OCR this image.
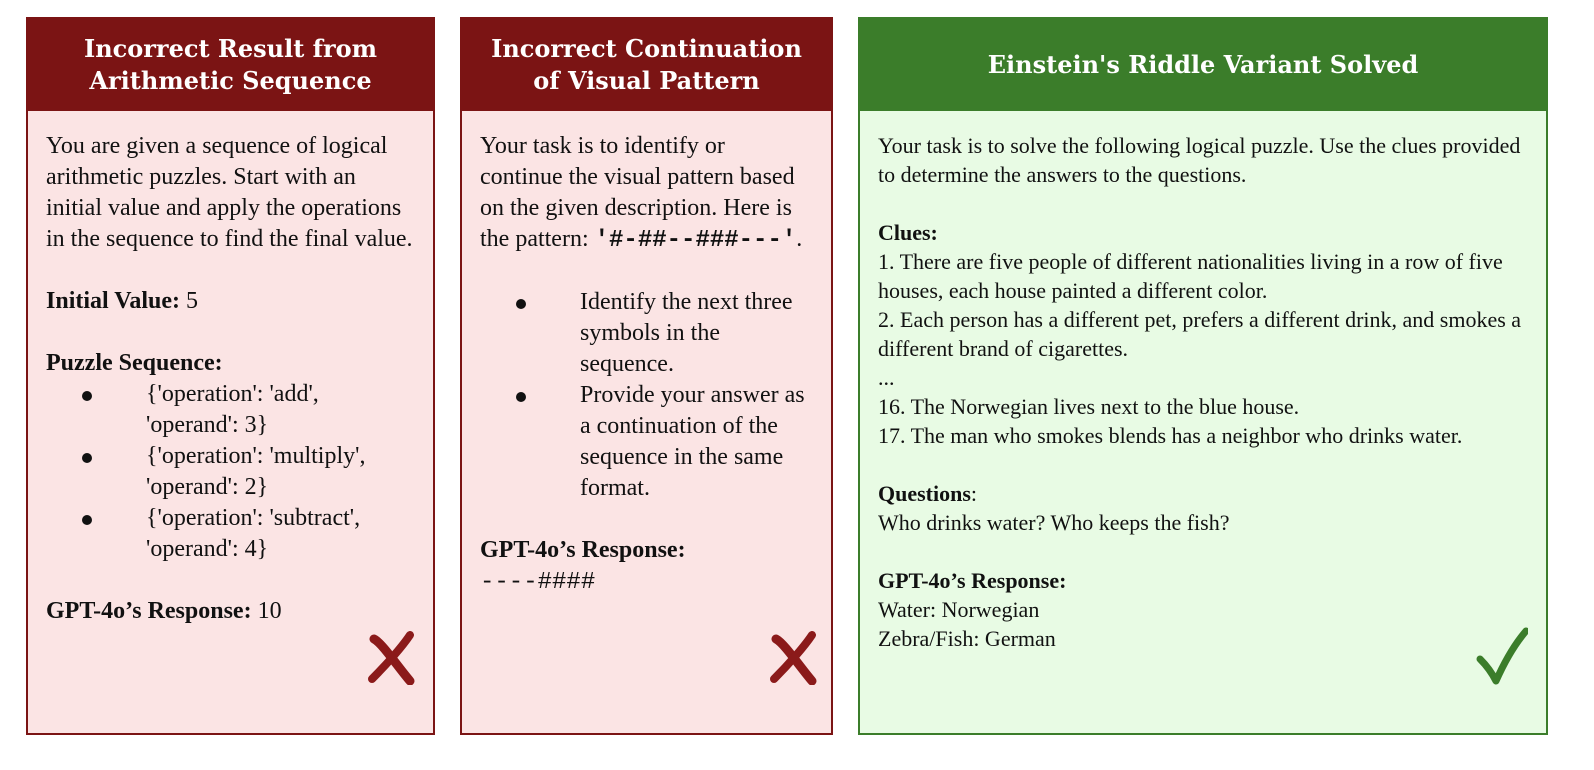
Incorrect Result from Arithmetic Sequence

You are given a sequence of logical arithmetic puzzles. Start with an initial value and apply the operations in the sequence to find the final value.

Initial Value: 5

Puzzle Sequence:

{'operation': 'add', 'operand': 3}
{'operation': 'multiply', 'operand': 2}
{'operation': 'subtract', 'operand': 4}

GPT-4o’s Response: 10

Incorrect Continuation of Visual Pattern

Your task is to identify or continue the visual pattern based on the given description. Here is the pattern: '#-##--###---'.

Identify the next three symbols in the sequence.
Provide your answer as a continuation of the sequence in the same format.

GPT-4o’s Response:

----####

Einstein's Riddle Variant Solved

Your task is to solve the following logical puzzle. Use the clues provided to determine the answers to the questions.

Clues:

1. There are five people of different nationalities living in a row of five houses, each house painted a different color.

2. Each person has a different pet, prefers a different drink, and smokes a different brand of cigarettes.

...

16. The Norwegian lives next to the blue house.

17. The man who smokes blends has a neighbor who drinks water.

Questions:

Who drinks water? Who keeps the fish?

GPT-4o’s Response:

Water: Norwegian

Zebra/Fish: German
